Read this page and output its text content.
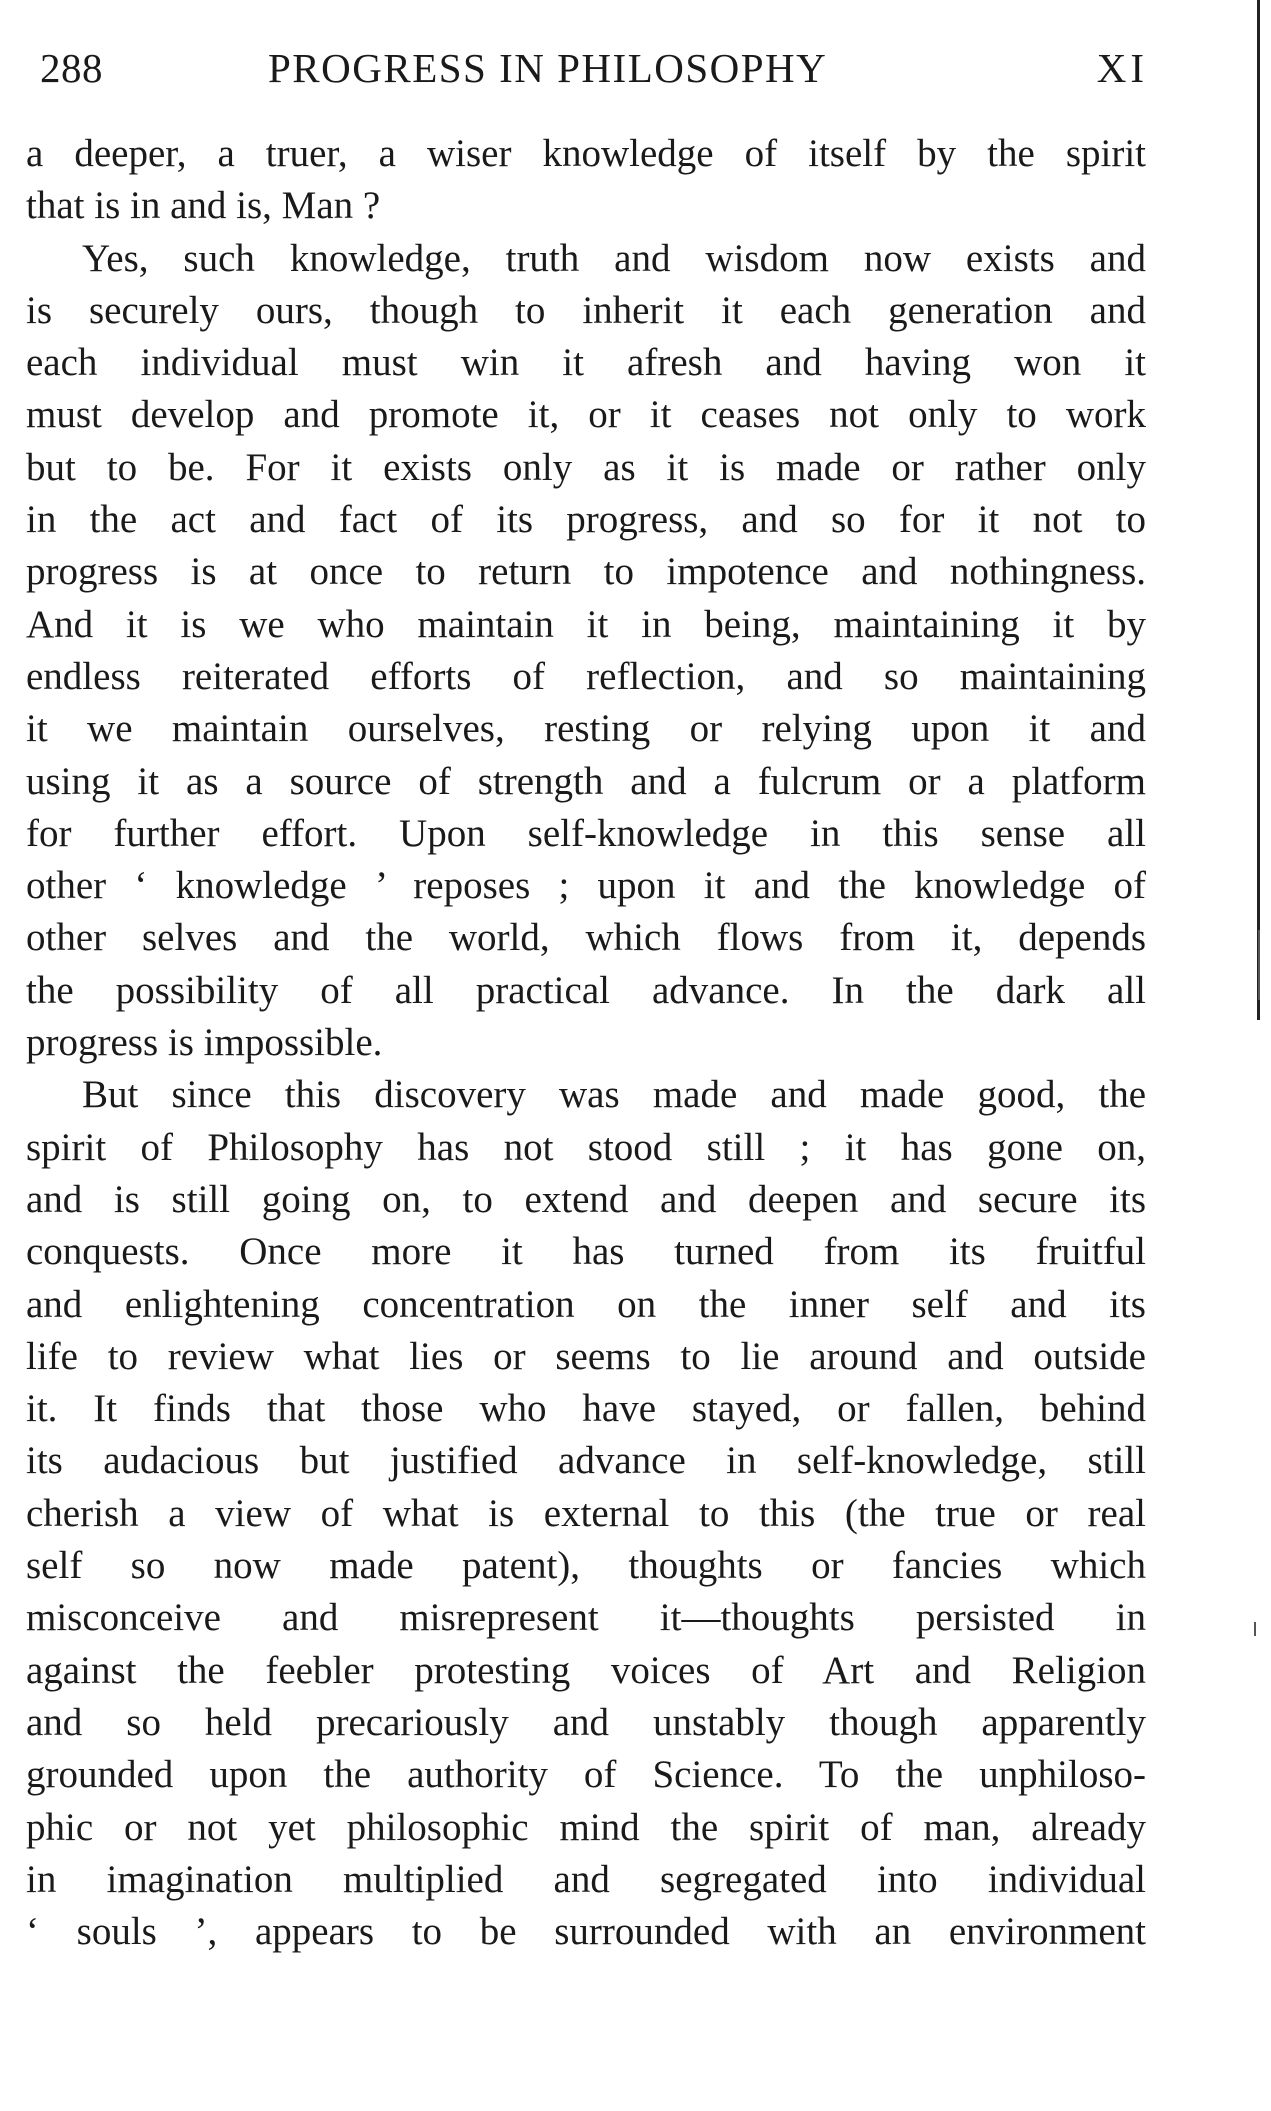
288	PROGRESS IN PHILOSOPHY	XI
a deeper, a truer, a wiser knowledge of itself by the spirit
that is in and is, Man ?
Yes, such knowledge, truth and wisdom now exists and
is securely ours, though to inherit it each generation and
each individual must win it afresh and having won it
must develop and promote it, or it ceases not only to work
but to be. For it exists only as it is made or rather only
in the act and fact of its progress, and so for it not to
progress is at once to return to impotence and nothingness.
And it is we who maintain it in being, maintaining it by
endless reiterated efforts of reflection, and so maintaining
it we maintain ourselves, resting or relying upon it and
using it as a source of strength and a fulcrum or a platform
for further effort. Upon self-knowledge in this sense all
other ‘ knowledge ’ reposes ; upon it and the knowledge of
other selves and the world, which flows from it, depends
the possibility of all practical advance. In the dark all
progress is impossible.
But since this discovery was made and made good, the
spirit of Philosophy has not stood still ; it has gone on,
and is still going on, to extend and deepen and secure its
conquests. Once more it has turned from its fruitful
and enlightening concentration on the inner self and its
life to review what lies or seems to lie around and outside
it. It finds that those who have stayed, or fallen, behind
its audacious but justified advance in self-knowledge, still
cherish a view of what is external to this (the true or real
self so now made patent), thoughts or fancies which
misconceive and misrepresent it—thoughts persisted in
against the feebler protesting voices of Art and Religion
and so held precariously and unstably though apparently
grounded upon the authority of Science. To the unphiloso-
phic or not yet philosophic mind the spirit of man, already
in imagination multiplied and segregated into individual
‘ souls ’, appears to be surrounded with an environment
